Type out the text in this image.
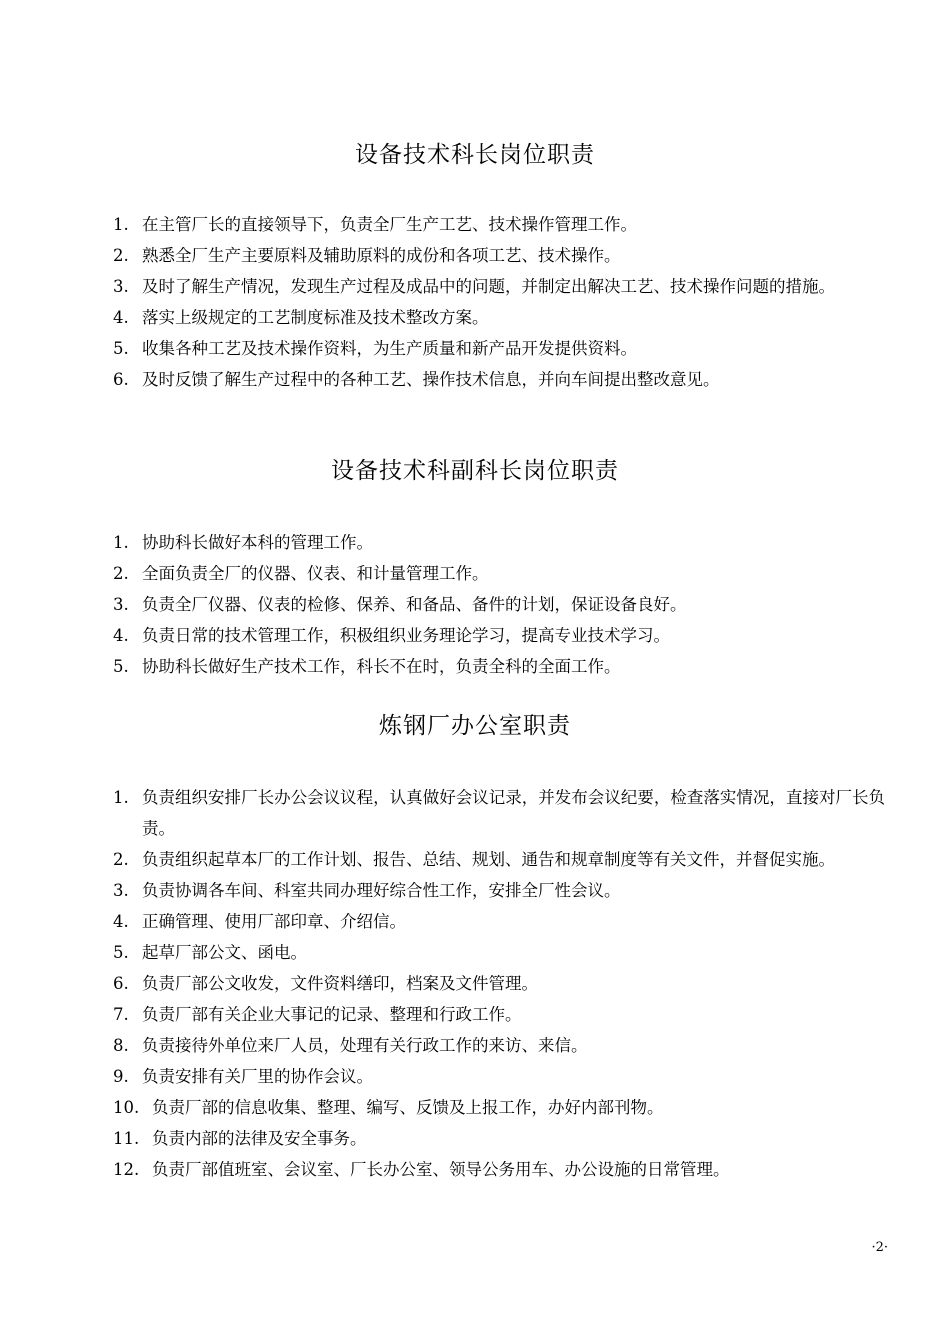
设备技术科长岗位职责
1. 在主管厂长的直接领导下，负责全厂生产工艺、技术操作管理工作。
2. 熟悉全厂生产主要原料及辅助原料的成份和各项工艺、技术操作。
3. 及时了解生产情况，发现生产过程及成品中的问题，并制定出解决工艺、技术操作问题的措施。
4. 落实上级规定的工艺制度标准及技术整改方案。
5. 收集各种工艺及技术操作资料，为生产质量和新产品开发提供资料。
6. 及时反馈了解生产过程中的各种工艺、操作技术信息，并向车间提出整改意见。
设备技术科副科长岗位职责
1. 协助科长做好本科的管理工作。
2. 全面负责全厂的仪器、仪表、和计量管理工作。
3. 负责全厂仪器、仪表的检修、保养、和备品、备件的计划，保证设备良好。
4. 负责日常的技术管理工作，积极组织业务理论学习，提高专业技术学习。
5. 协助科长做好生产技术工作，科长不在时，负责全科的全面工作。
炼钢厂办公室职责
1. 负责组织安排厂长办公会议议程，认真做好会议记录，并发布会议纪要，检查落实情况，直接对厂长负责。
2. 负责组织起草本厂的工作计划、报告、总结、规划、通告和规章制度等有关文件，并督促实施。
3. 负责协调各车间、科室共同办理好综合性工作，安排全厂性会议。
4. 正确管理、使用厂部印章、介绍信。
5. 起草厂部公文、函电。
6. 负责厂部公文收发，文件资料缮印，档案及文件管理。
7. 负责厂部有关企业大事记的记录、整理和行政工作。
8. 负责接待外单位来厂人员，处理有关行政工作的来访、来信。
9. 负责安排有关厂里的协作会议。
10. 负责厂部的信息收集、整理、编写、反馈及上报工作，办好内部刊物。
11. 负责内部的法律及安全事务。
12. 负责厂部值班室、会议室、厂长办公室、领导公务用车、办公设施的日常管理。
·2·
